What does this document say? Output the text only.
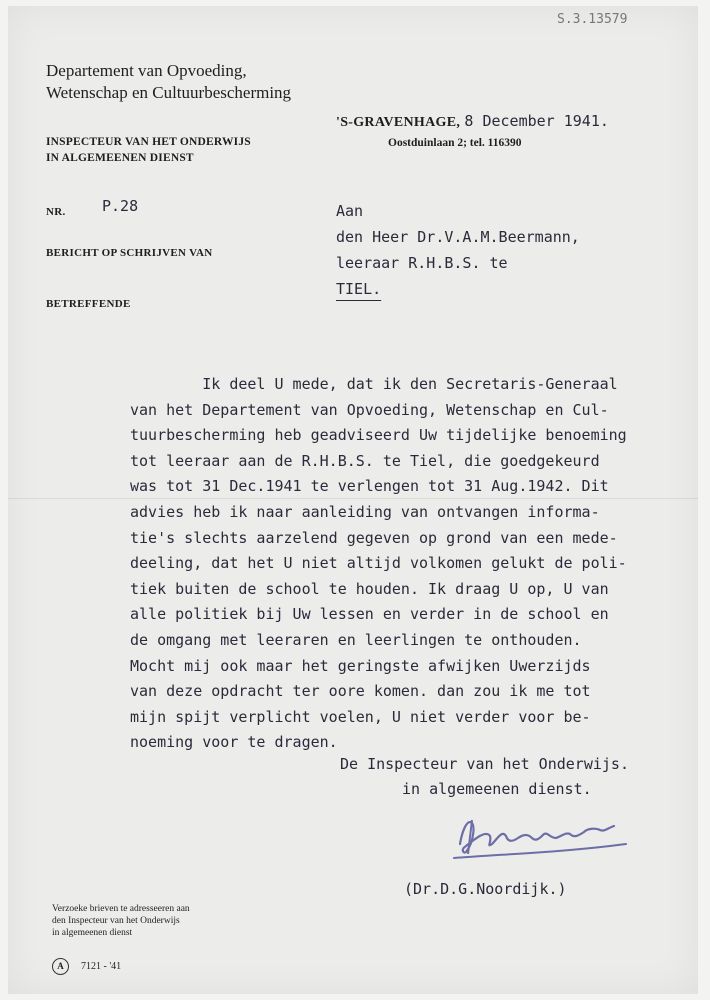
S.3.13579
Departement van Opvoeding,
Wetenschap en Cultuurbescherming
INSPECTEUR VAN HET ONDERWIJS
IN ALGEMEENEN DIENST
'S-GRAVENHAGE, 8 December 1941.
Oostduinlaan 2; tel. 116390
NR. P.28
BERICHT OP SCHRIJVEN VAN
BETREFFENDE
Aan
den Heer Dr.V.A.M.Beermann,
leeraar R.H.B.S. te
TIEL.
Ik deel U mede, dat ik den Secretaris-Generaal
van het Departement van Opvoeding, Wetenschap en Cul-
tuurbescherming heb geadviseerd Uw tijdelijke benoeming
tot leeraar aan de R.H.B.S. te Tiel, die goedgekeurd
was tot 31 Dec.1941 te verlengen tot 31 Aug.1942. Dit
advies heb ik naar aanleiding van ontvangen informa-
tie's slechts aarzelend gegeven op grond van een mede-
deeling, dat het U niet altijd volkomen gelukt de poli-
tiek buiten de school te houden. Ik draag U op, U van
alle politiek bij Uw lessen en verder in de school en
de omgang met leeraren en leerlingen te onthouden.
Mocht mij ook maar het geringste afwijken Uwerzijds
van deze opdracht ter oore komen. dan zou ik me tot
mijn spijt verplicht voelen, U niet verder voor be-
noeming voor te dragen.
De Inspecteur van het Onderwijs.
in algemeenen dienst.
(Dr.D.G.Noordijk.)
Verzoeke brieven te adresseeren aan
den Inspecteur van het Onderwijs
in algemeenen dienst
A 7121 - '41
